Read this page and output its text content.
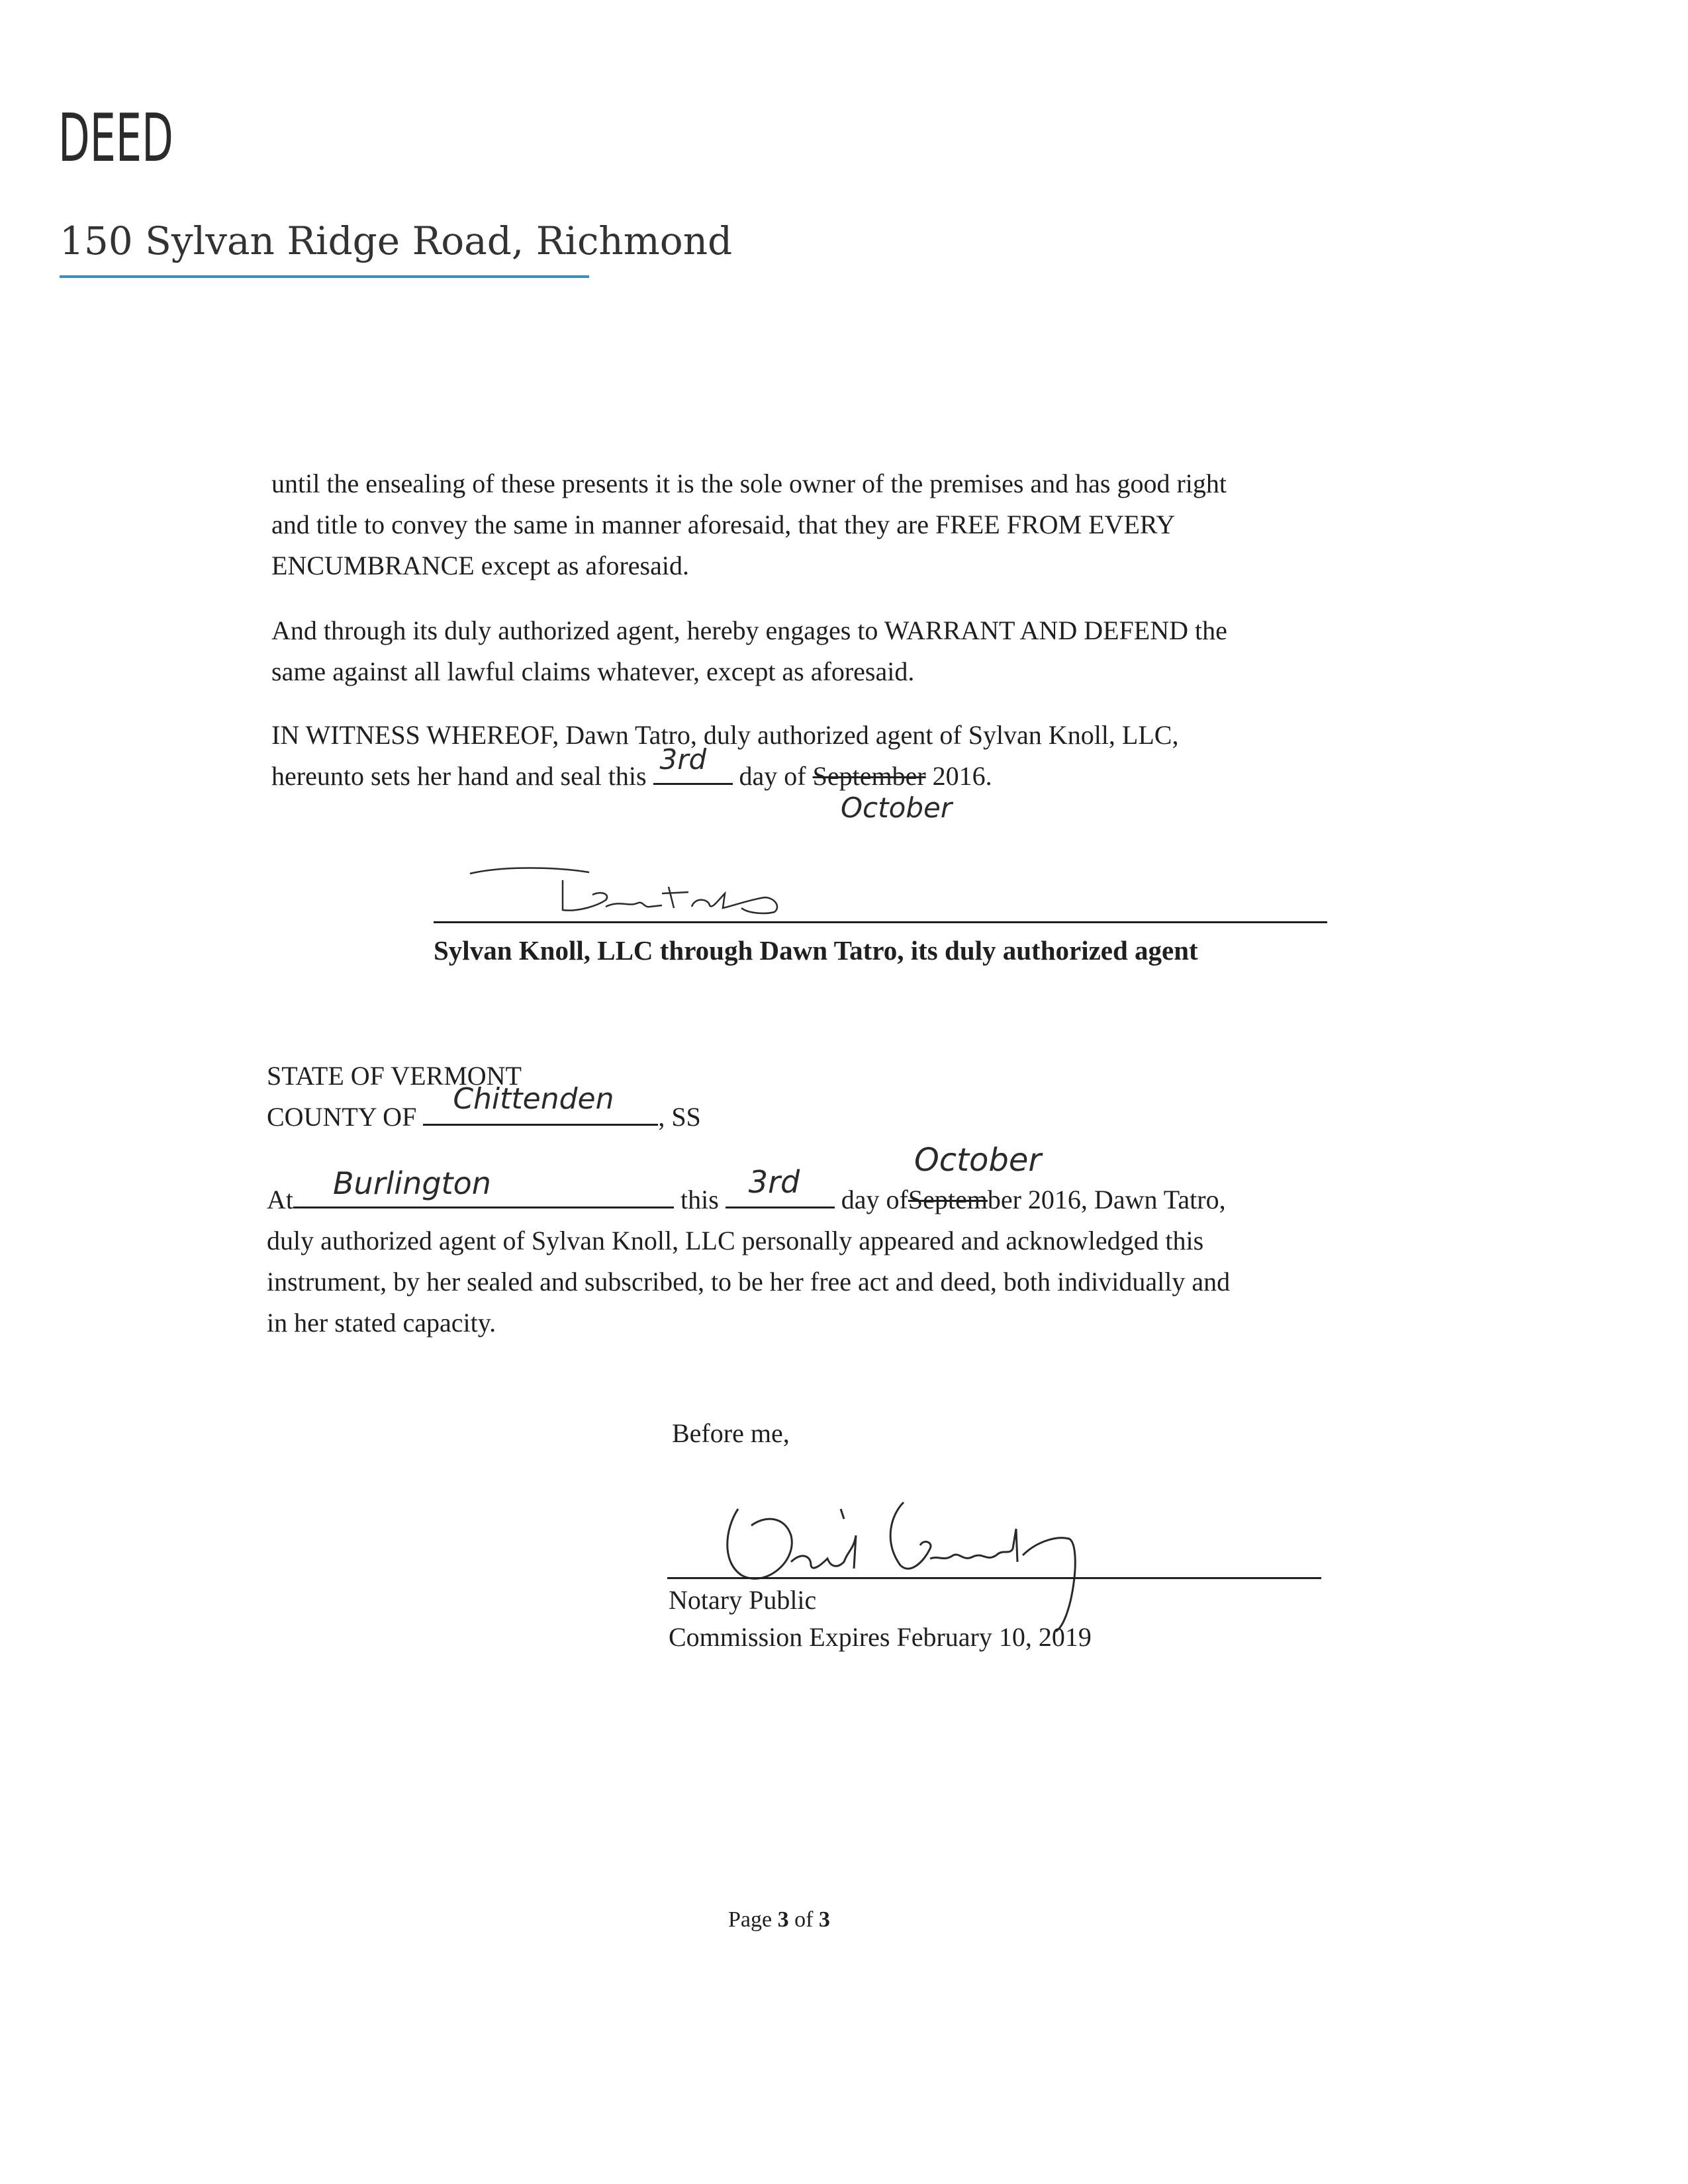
DEED
150 Sylvan Ridge Road, Richmond
until the ensealing of these presents it is the sole owner of the premises and has good right
and title to convey the same in manner aforesaid, that they are FREE FROM EVERY
ENCUMBRANCE except as aforesaid.
And through its duly authorized agent, hereby engages to WARRANT AND DEFEND the
same against all lawful claims whatever, except as aforesaid.
IN WITNESS WHEREOF, Dawn Tatro, duly authorized agent of Sylvan Knoll, LLC,
hereunto sets her hand and seal this
3rd
day of September 2016.
October
Sylvan Knoll, LLC through Dawn Tatro, its duly authorized agent
STATE OF VERMONT
COUNTY OF
Chittenden
, SS
At Burlington	this 3rd day ofSeptember 2016, Dawn Tatro,
October
duly authorized agent of Sylvan Knoll, LLC personally appeared and acknowledged this
instrument, by her sealed and subscribed, to be her free act and deed, both individually and
in her stated capacity.
Before me,
Notary Public
Commission Expires February 10, 2019
Page 3 of 3
